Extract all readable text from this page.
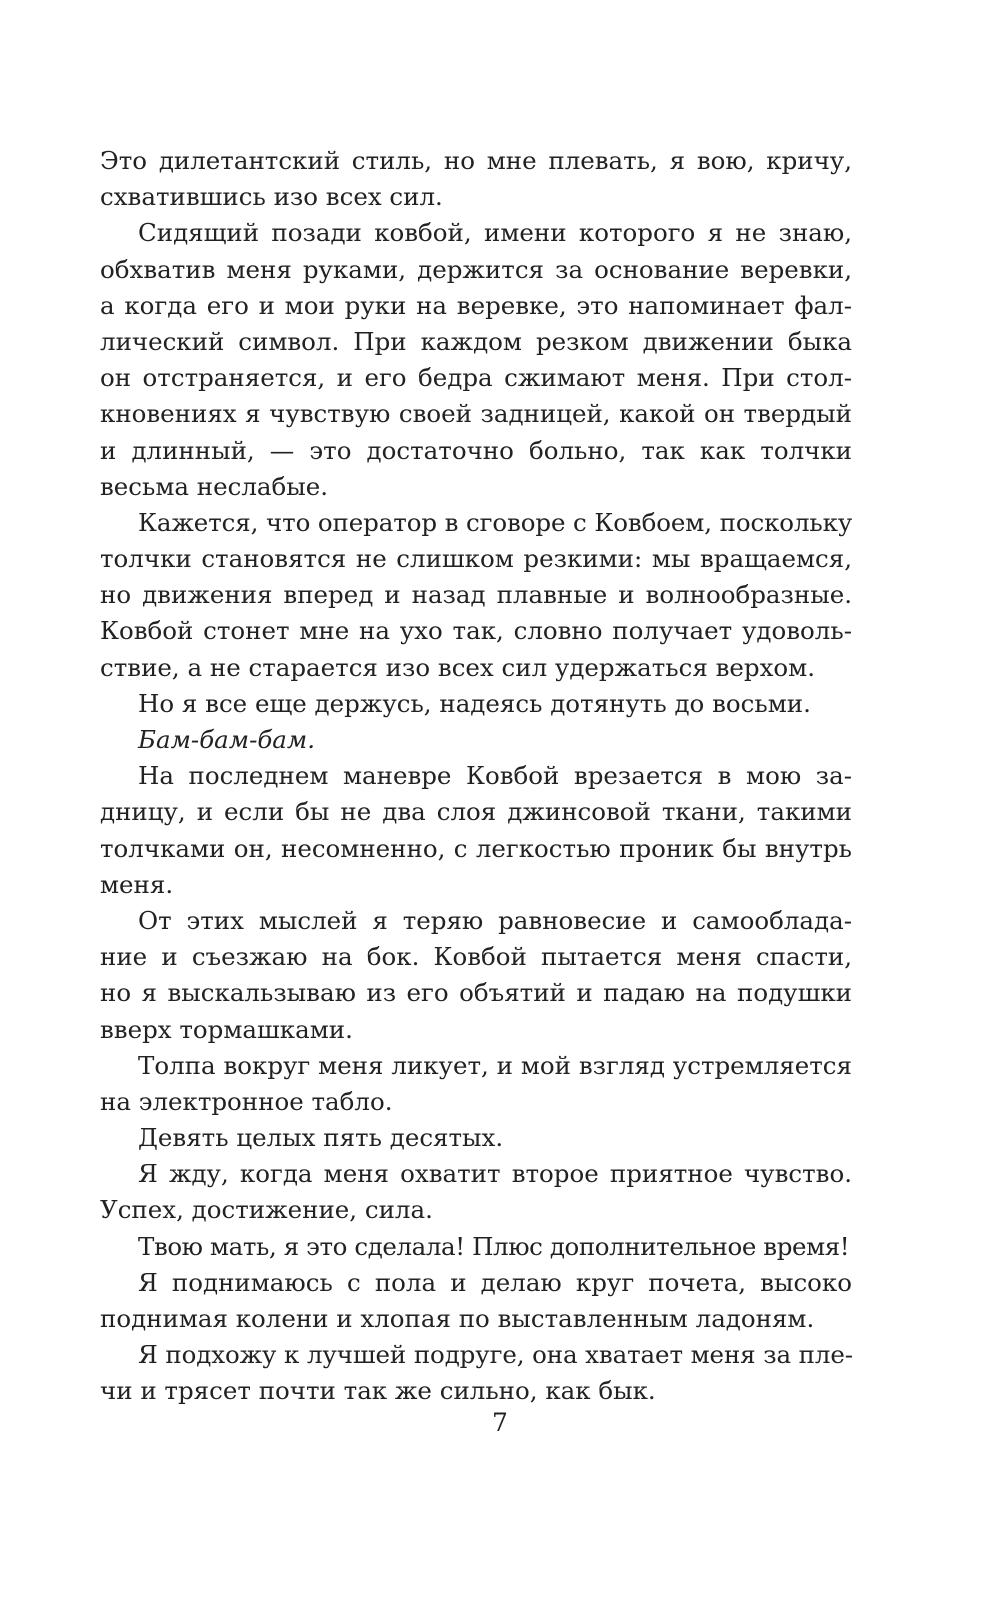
Это дилетантский стиль, но мне плевать, я вою, кричу,
схватившись изо всех сил.
Сидящий позади ковбой, имени которого я не знаю,
обхватив меня руками, держится за основание веревки,
а когда его и мои руки на веревке, это напоминает фал-
лический символ. При каждом резком движении быка
он отстраняется, и его бедра сжимают меня. При стол-
кновениях я чувствую своей задницей, какой он твердый
и длинный, — это достаточно больно, так как толчки
весьма неслабые.
Кажется, что оператор в сговоре с Ковбоем, поскольку
толчки становятся не слишком резкими: мы вращаемся,
но движения вперед и назад плавные и волнообразные.
Ковбой стонет мне на ухо так, словно получает удоволь-
ствие, а не старается изо всех сил удержаться верхом.
Но я все еще держусь, надеясь дотянуть до восьми.
Бам-бам-бам.
На последнем маневре Ковбой врезается в мою за-
дницу, и если бы не два слоя джинсовой ткани, такими
толчками он, несомненно, с легкостью проник бы внутрь
меня.
От этих мыслей я теряю равновесие и самооблада-
ние и съезжаю на бок. Ковбой пытается меня спасти,
но я выскальзываю из его объятий и падаю на подушки
вверх тормашками.
Толпа вокруг меня ликует, и мой взгляд устремляется
на электронное табло.
Девять целых пять десятых.
Я жду, когда меня охватит второе приятное чувство.
Успех, достижение, сила.
Твою мать, я это сделала! Плюс дополнительное время!
Я поднимаюсь с пола и делаю круг почета, высоко
поднимая колени и хлопая по выставленным ладоням.
Я подхожу к лучшей подруге, она хватает меня за пле-
чи и трясет почти так же сильно, как бык.
7
